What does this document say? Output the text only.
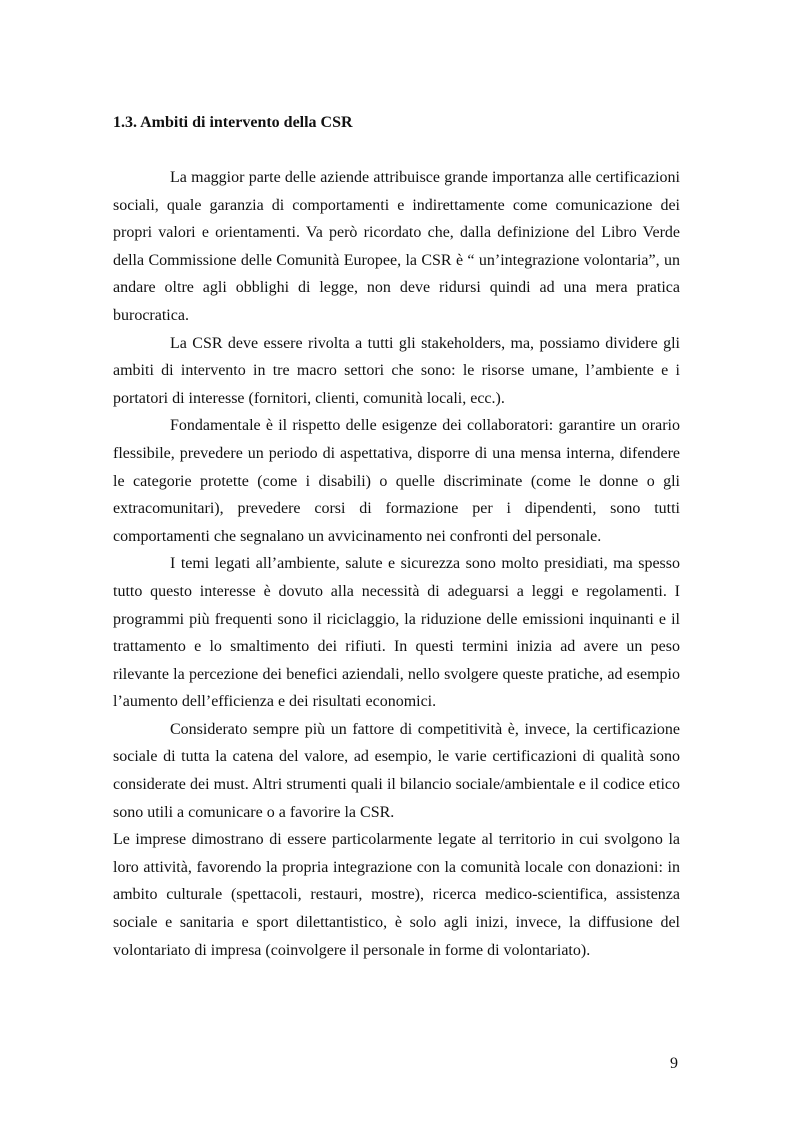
1.3. Ambiti di intervento della CSR

La maggior parte delle aziende attribuisce grande importanza alle certificazioni sociali, quale garanzia di comportamenti e indirettamente come comunicazione dei propri valori e orientamenti. Va però ricordato che, dalla definizione del Libro Verde della Commissione delle Comunità Europee, la CSR è “ un’integrazione volontaria”, un andare oltre agli obblighi di legge, non deve ridursi quindi ad una mera pratica burocratica.

La CSR deve essere rivolta a tutti gli stakeholders, ma, possiamo dividere gli ambiti di intervento in tre macro settori che sono: le risorse umane, l’ambiente e i portatori di interesse (fornitori, clienti, comunità locali, ecc.).

Fondamentale è il rispetto delle esigenze dei collaboratori: garantire un orario flessibile, prevedere un periodo di aspettativa, disporre di una mensa interna, difendere le categorie protette (come i disabili) o quelle discriminate (come le donne o gli extracomunitari), prevedere corsi di formazione per i dipendenti, sono tutti comportamenti che segnalano un avvicinamento nei confronti del personale.

I temi legati all’ambiente, salute e sicurezza sono molto presidiati, ma spesso tutto questo interesse è dovuto alla necessità di adeguarsi a leggi e regolamenti. I programmi più frequenti sono il riciclaggio, la riduzione delle emissioni inquinanti e il trattamento e lo smaltimento dei rifiuti. In questi termini inizia ad avere un peso rilevante la percezione dei benefici aziendali, nello svolgere queste pratiche, ad esempio l’aumento dell’efficienza e dei risultati economici.

Considerato sempre più un fattore di competitività è, invece, la certificazione sociale di tutta la catena del valore, ad esempio, le varie certificazioni di qualità sono considerate dei must. Altri strumenti quali il bilancio sociale/ambientale e il codice etico sono utili a comunicare o a favorire la CSR.

Le imprese dimostrano di essere particolarmente legate al territorio in cui svolgono la loro attività, favorendo la propria integrazione con la comunità locale con donazioni: in ambito culturale (spettacoli, restauri, mostre), ricerca medico-scientifica, assistenza sociale e sanitaria e sport dilettantistico, è solo agli inizi, invece, la diffusione del volontariato di impresa (coinvolgere il personale in forme di volontariato).

9
